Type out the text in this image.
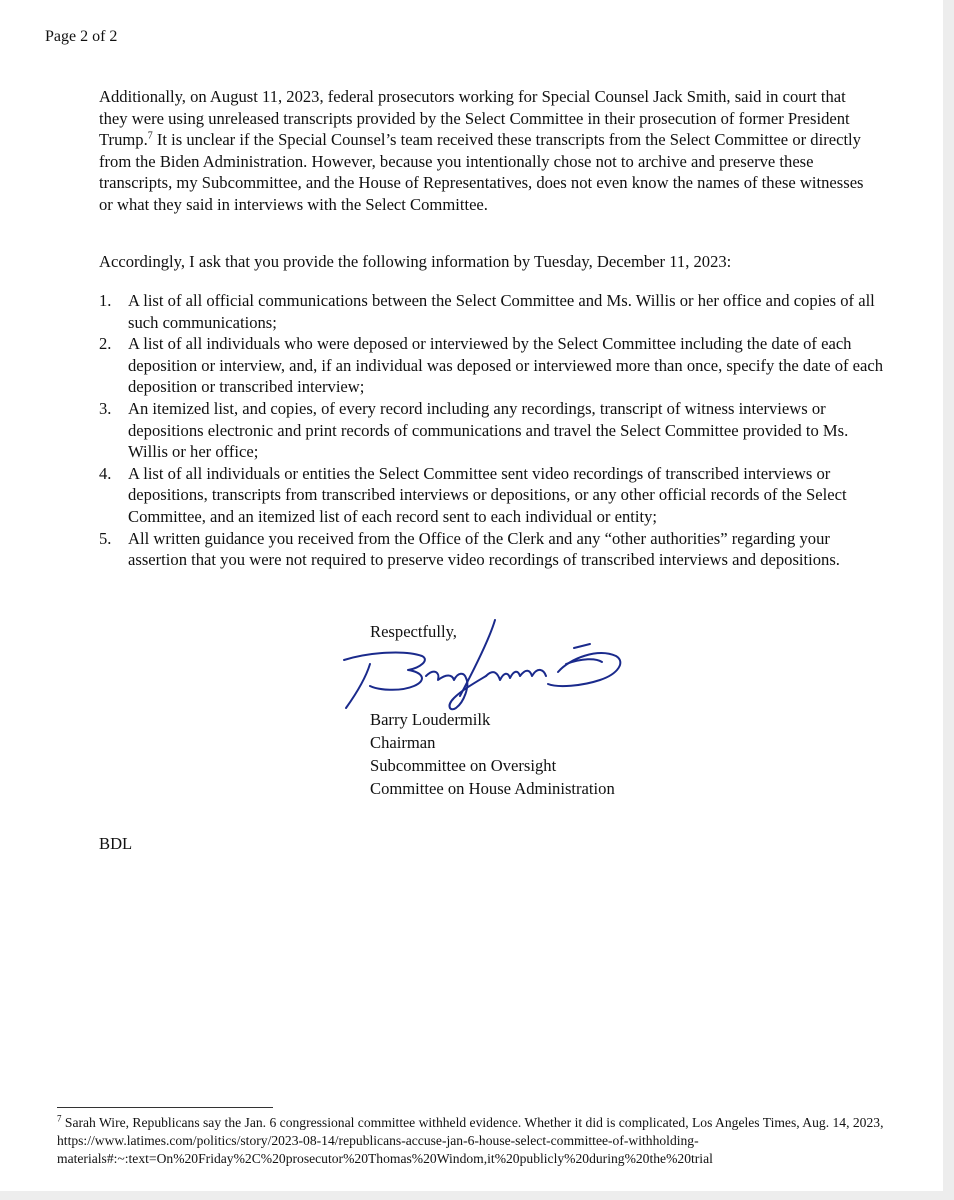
Page 2 of 2

Additionally, on August 11, 2023, federal prosecutors working for Special Counsel Jack Smith, said in court that they were using unreleased transcripts provided by the Select Committee in their prosecution of former President Trump.$^7$ It is unclear if the Special Counsel’s team received these transcripts from the Select Committee or directly from the Biden Administration. However, because you intentionally chose not to archive and preserve these transcripts, my Subcommittee, and the House of Representatives, does not even know the names of these witnesses or what they said in interviews with the Select Committee.

Accordingly, I ask that you provide the following information by Tuesday, December 11, 2023:

1. A list of all official communications between the Select Committee and Ms. Willis or her office and copies of all such communications;
2. A list of all individuals who were deposed or interviewed by the Select Committee including the date of each deposition or interview, and, if an individual was deposed or interviewed more than once, specify the date of each deposition or transcribed interview;
3. An itemized list, and copies, of every record including any recordings, transcript of witness interviews or depositions electronic and print records of communications and travel the Select Committee provided to Ms. Willis or her office;
4. A list of all individuals or entities the Select Committee sent video recordings of transcribed interviews or depositions, transcripts from transcribed interviews or depositions, or any other official records of the Select Committee, and an itemized list of each record sent to each individual or entity;
5. All written guidance you received from the Office of the Clerk and any “other authorities” regarding your assertion that you were not required to preserve video recordings of transcribed interviews and depositions.
Respectfully,
Barry Loudermilk
Chairman
Subcommittee on Oversight
Committee on House Administration
BDL

$^7$ Sarah Wire, Republicans say the Jan. 6 congressional committee withheld evidence. Whether it did is complicated, Los Angeles Times, Aug. 14, 2023, https://www.latimes.com/politics/story/2023-08-14/republicans-accuse-jan-6-house-select-committee-of-withholding-materials#:~:text=On%20Friday%2C%20prosecutor%20Thomas%20Windom,it%20publicly%20during%20the%20trial
